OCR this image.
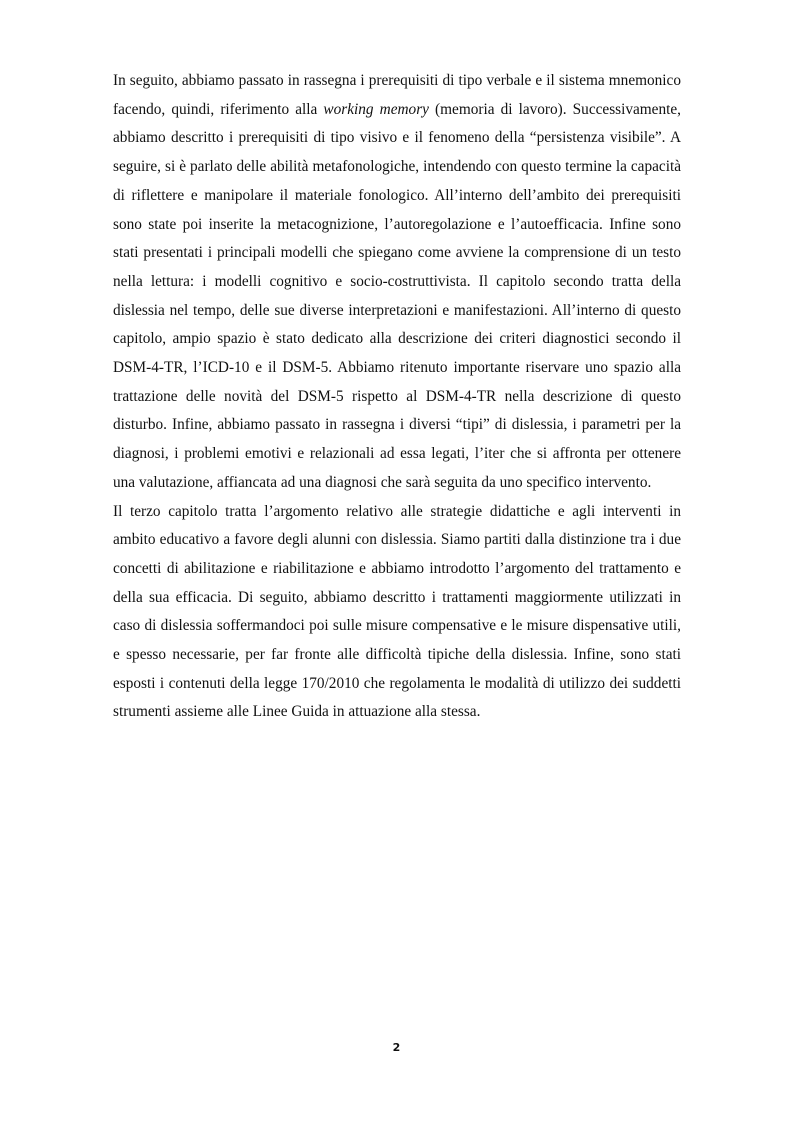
In seguito, abbiamo passato in rassegna i prerequisiti di tipo verbale e il sistema mnemonico facendo, quindi, riferimento alla working memory (memoria di lavoro). Successivamente, abbiamo descritto i prerequisiti di tipo visivo e il fenomeno della “persistenza visibile”. A seguire, si è parlato delle abilità metafonologiche, intendendo con questo termine la capacità di riflettere e manipolare il materiale fonologico. All’interno dell’ambito dei prerequisiti sono state poi inserite la metacognizione, l’autoregolazione e l’autoefficacia. Infine sono stati presentati i principali modelli che spiegano come avviene la comprensione di un testo nella lettura: i modelli cognitivo e socio-costruttivista. Il capitolo secondo tratta della dislessia nel tempo, delle sue diverse interpretazioni e manifestazioni. All’interno di questo capitolo, ampio spazio è stato dedicato alla descrizione dei criteri diagnostici secondo il DSM-4-TR, l’ICD-10 e il DSM-5. Abbiamo ritenuto importante riservare uno spazio alla trattazione delle novità del DSM-5 rispetto al DSM-4-TR nella descrizione di questo disturbo. Infine, abbiamo passato in rassegna i diversi “tipi” di dislessia, i parametri per la diagnosi, i problemi emotivi e relazionali ad essa legati, l’iter che si affronta per ottenere una valutazione, affiancata ad una diagnosi che sarà seguita da uno specifico intervento.

Il terzo capitolo tratta l’argomento relativo alle strategie didattiche e agli interventi in ambito educativo a favore degli alunni con dislessia. Siamo partiti dalla distinzione tra i due concetti di abilitazione e riabilitazione e abbiamo introdotto l’argomento del trattamento e della sua efficacia. Di seguito, abbiamo descritto i trattamenti maggiormente utilizzati in caso di dislessia soffermandoci poi sulle misure compensative e le misure dispensative utili, e spesso necessarie, per far fronte alle difficoltà tipiche della dislessia. Infine, sono stati esposti i contenuti della legge 170/2010 che regolamenta le modalità di utilizzo dei suddetti strumenti assieme alle Linee Guida in attuazione alla stessa.

2
